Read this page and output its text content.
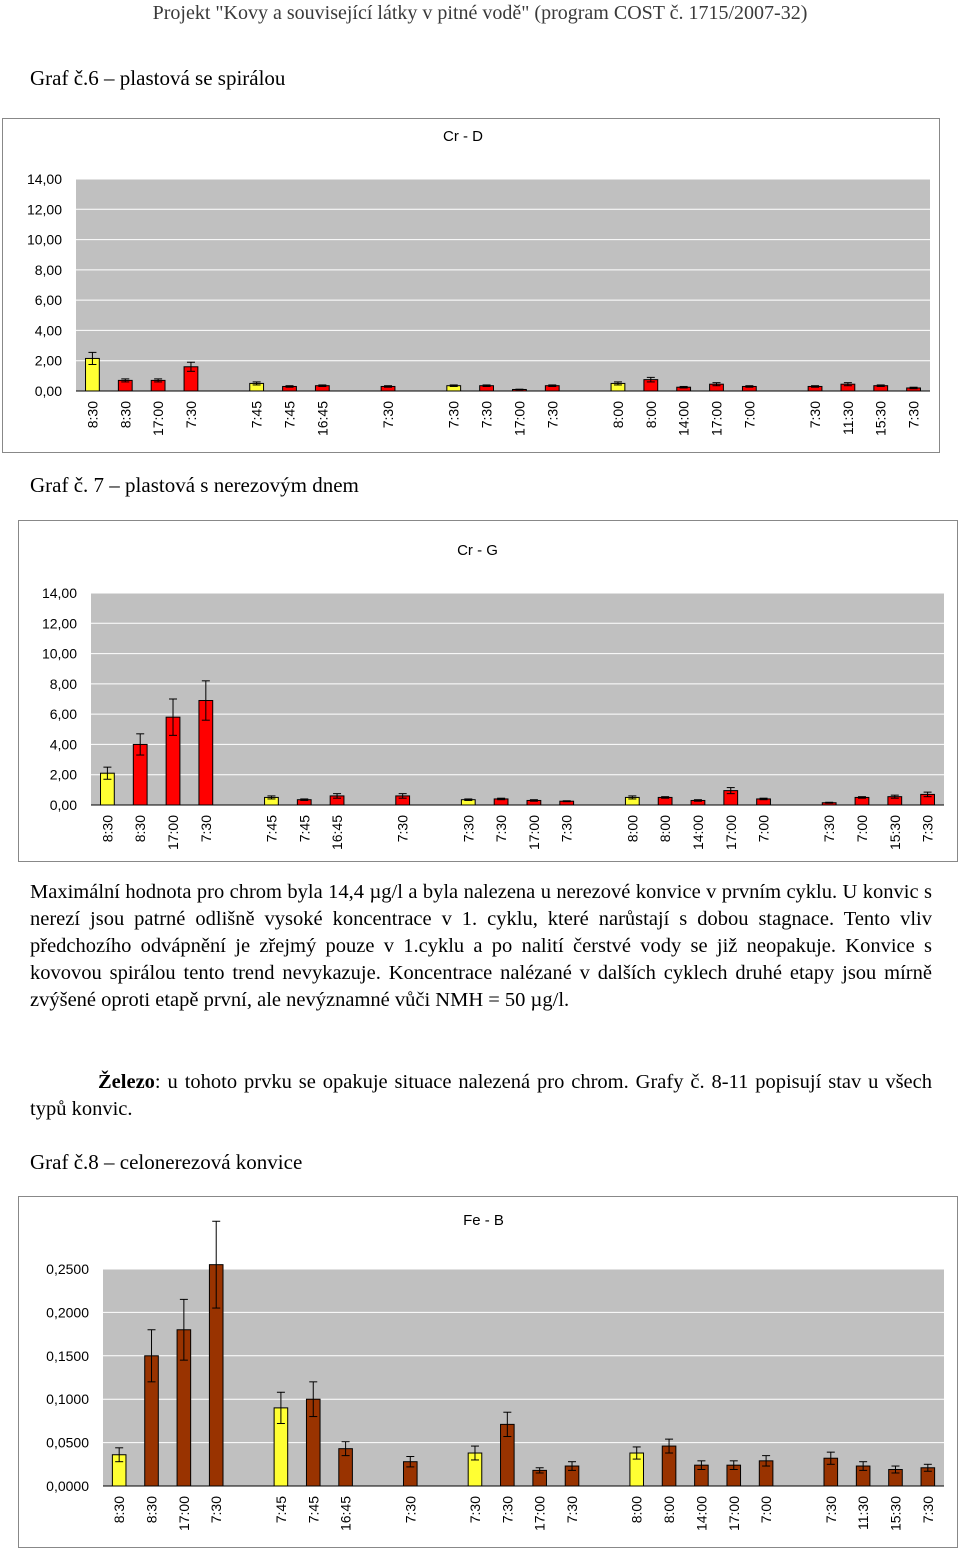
Projekt "Kovy a související látky v pitné vodě" (program COST č. 1715/2007-32)
Graf č.6 – plastová se spirálou
Cr - D
14,00
12,00
10,00
8,00
6,00
4,00
2,00
0,00
8:30 8:30 17:00 7:30	7:45 7:45 16:45	7:30	7:30 7:30 17:00 7:30	8:00 8:00 14:00 17:00 7:00	7:30 11:30 15:30 7:30
Graf č. 7 – plastová s nerezovým dnem
Cr - G
14,00
12,00
10,00
8,00
6,00
4,00
2,00
0,00
8:30 8:30 17:00 7:30	7:45 7:45 16:45	7:30	7:30 7:30 17:00 7:30	8:00 8:00 14:00 17:00 7:00	7:30 7:00 15:30 7:30
Maximální hodnota pro chrom byla 14,4 µg/l a byla nalezena u nerezové konvice v prvním cyklu. U konvic s nerezí jsou patrné odlišně vysoké koncentrace v 1. cyklu, které narůstají s dobou stagnace. Tento vliv předchozího odvápnění je zřejmý pouze v 1.cyklu a po nalití čerstvé vody se již neopakuje. Konvice s kovovou spirálou tento trend nevykazuje. Koncentrace nalézané v dalších cyklech druhé etapy jsou mírně zvýšené oproti etapě první, ale nevýznamné vůči NMH = 50 µg/l.
Železo: u tohoto prvku se opakuje situace nalezená pro chrom. Grafy č. 8-11 popisují stav u všech typů konvic.
Graf č.8 – celonerezová konvice
Fe - B
0,2500
0,2000
0,1500
0,1000
0,0500
0,0000
8:30 8:30 17:00 7:30	7:45 7:45 16:45	7:30	7:30 7:30 17:00 7:30	8:00 8:00 14:00 17:00 7:00	7:30 11:30 15:30 7:30
